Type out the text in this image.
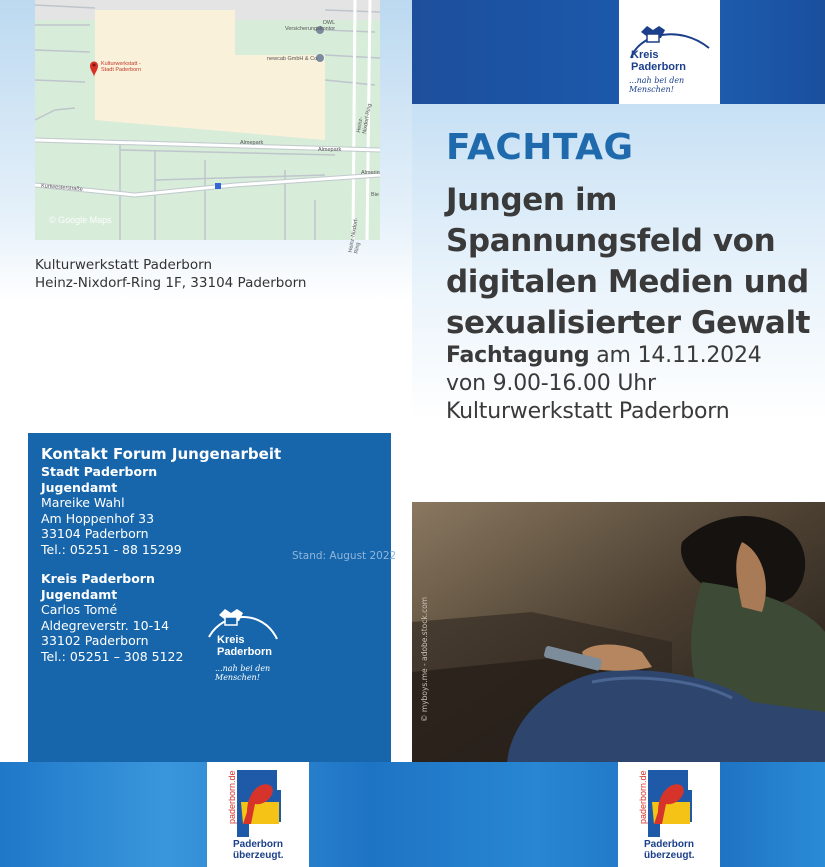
Kulturwerkstatt -
Stadt Paderborn
OWL
Versicherungskontor
newcab GmbH & Co.
Almepark
Almepark
Kurtwesterstraße
Heinz-Nixdorf-Ring
Heinz-Nixdorf-Ring
Almerin
Bie
© Google Maps
Kulturwerkstatt Paderborn
Heinz-Nixdorf-Ring 1F, 33104 Paderborn
Kreis
Paderborn
...nah bei den Menschen!
FACHTAG
Jungen im
Spannungsfeld von
digitalen Medien und
sexualisierter Gewalt
Fachtagung am 14.11.2024
von 9.00-16.00 Uhr
Kulturwerkstatt Paderborn
Kontakt Forum Jungenarbeit
Stadt Paderborn
Jugendamt
Mareike Wahl
Am Hoppenhof 33
33104 Paderborn
Tel.: 05251 - 88 15299
Kreis Paderborn
Jugendamt
Carlos Tomé
Aldegreverstr. 10-14
33102 Paderborn
Tel.: 05251 – 308 5122
Stand: August 2022
Kreis
Paderborn
...nah bei den Menschen!	© myboys.me - adobe.stock.com
paderborn.de
Paderborn
überzeugt.
paderborn.de
Paderborn
überzeugt.
